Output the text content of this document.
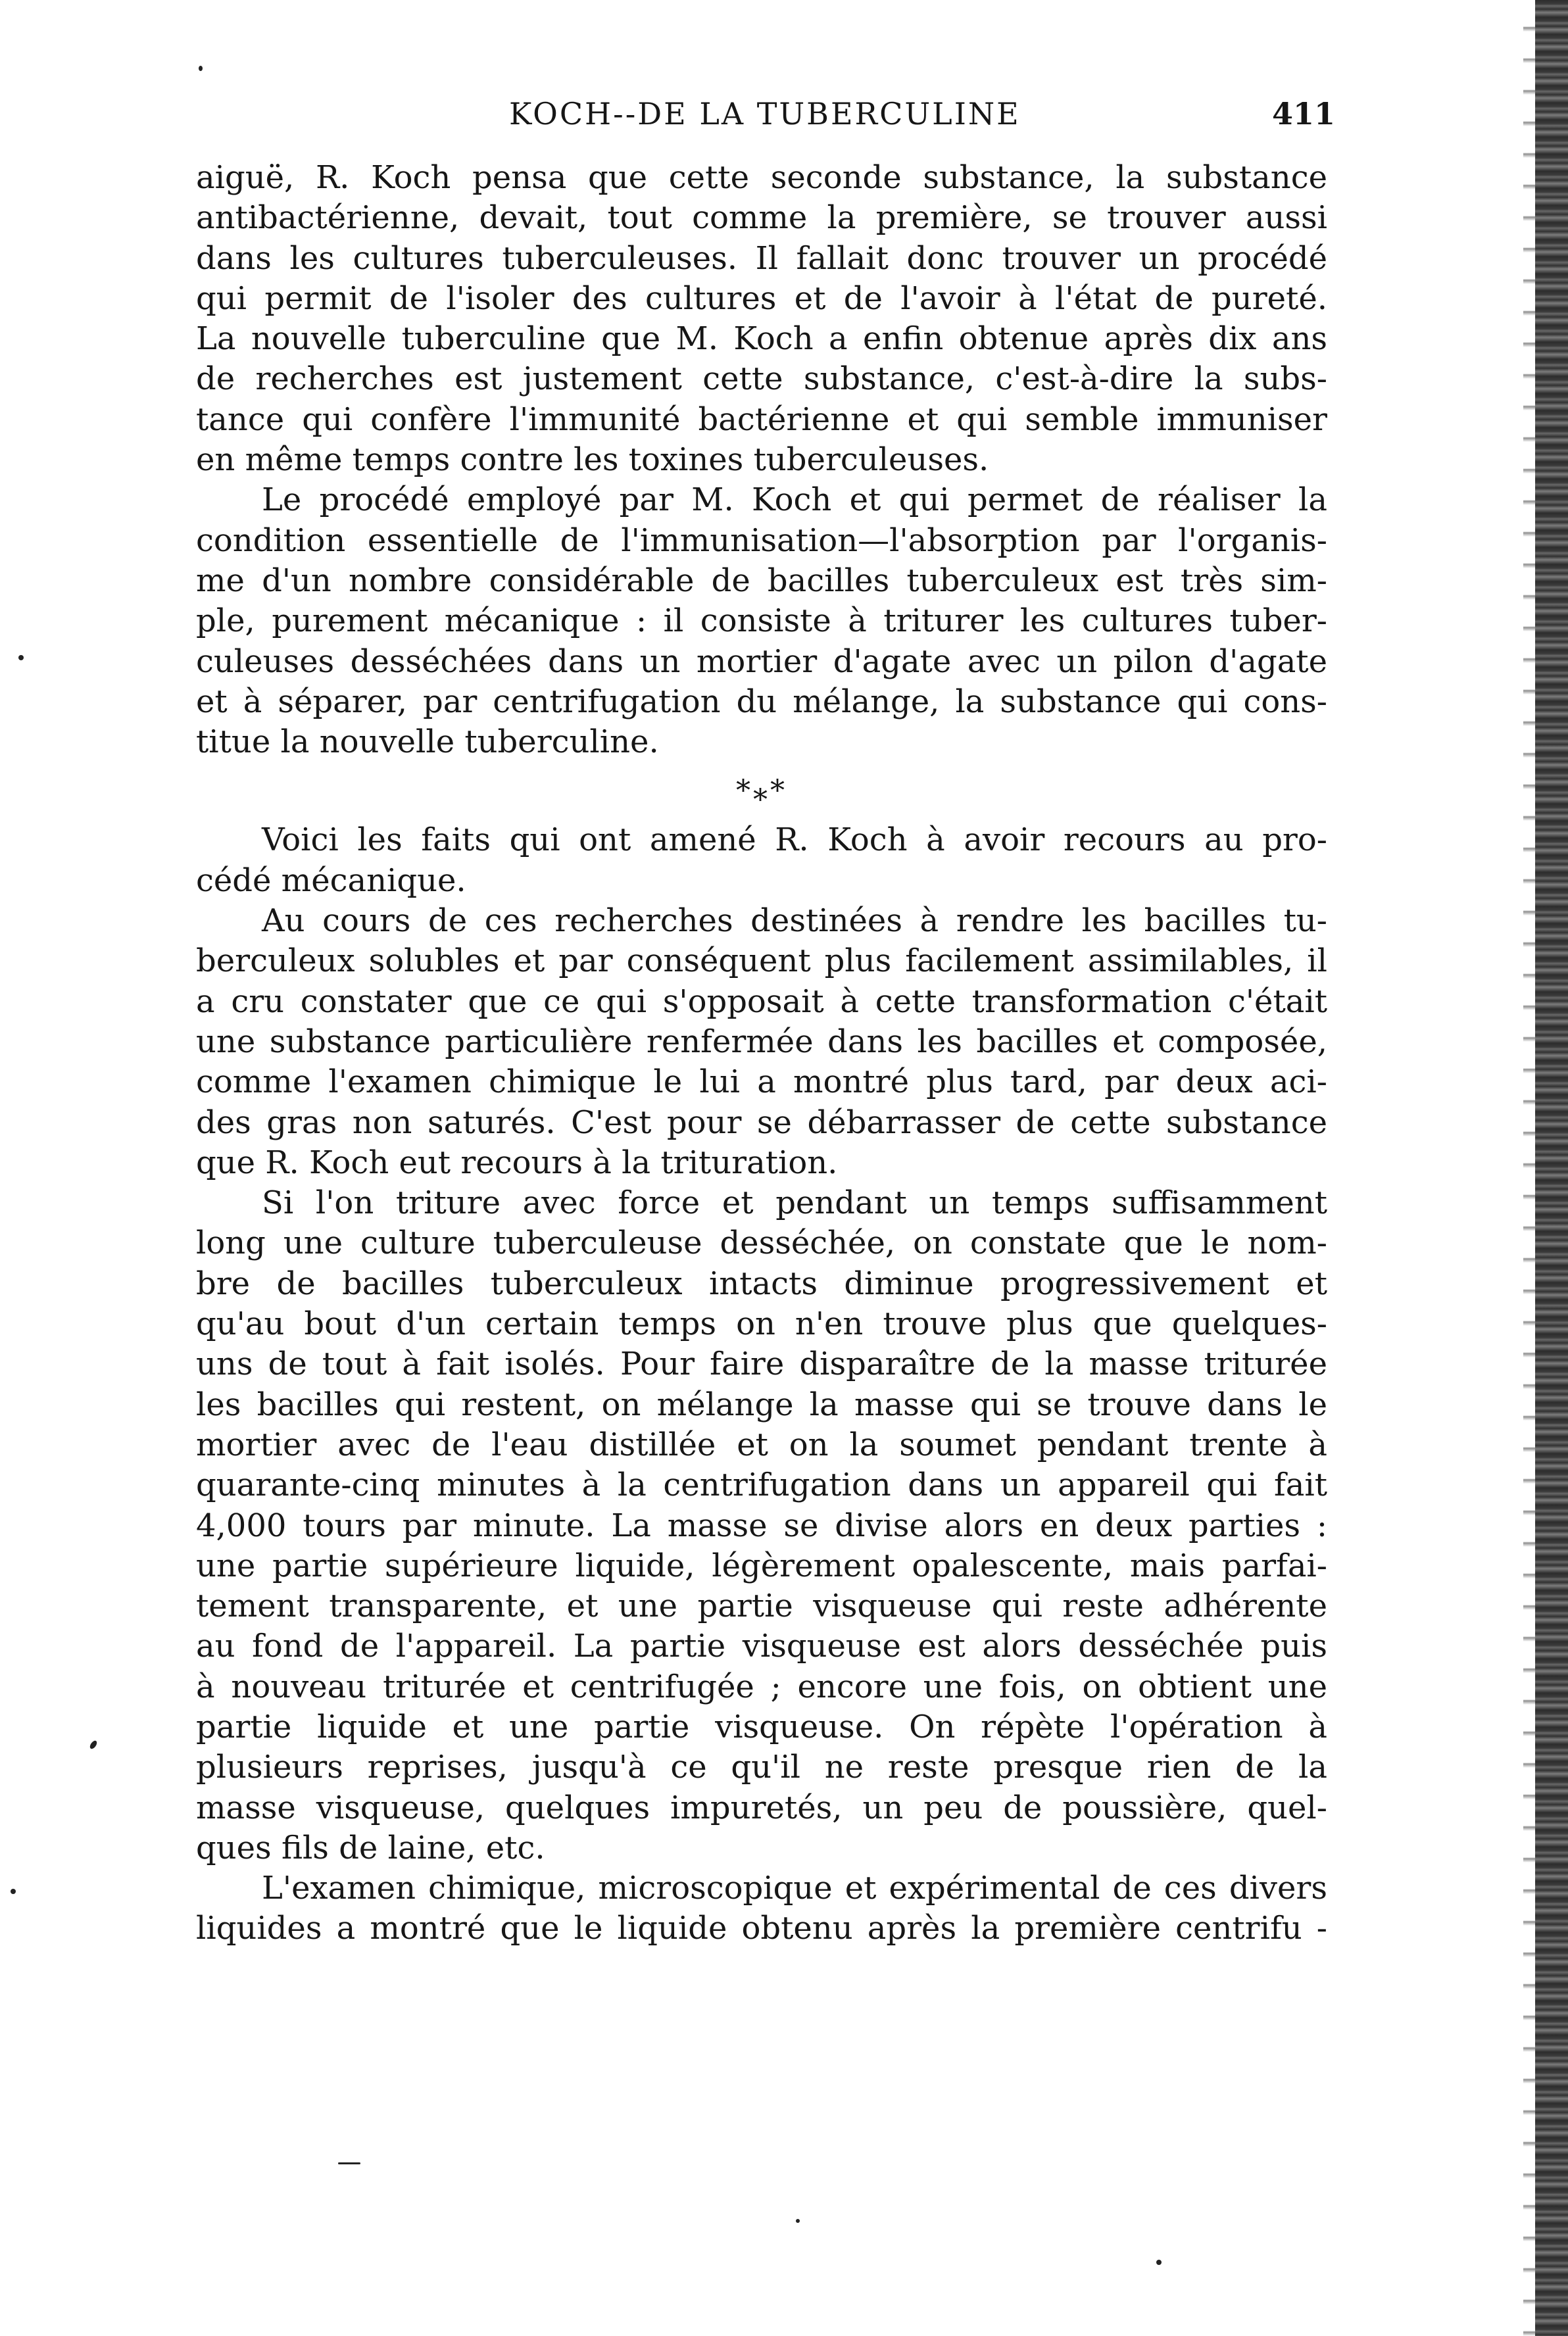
KOCH--DE LA TUBERCULINE	411
aiguë, R. Koch pensa que cette seconde substance, la substance
antibactérienne, devait, tout comme la première, se trouver aussi
dans les cultures tuberculeuses. Il fallait donc trouver un procédé
qui permit de l'isoler des cultures et de l'avoir à l'état de pureté.
La nouvelle tuberculine que M. Koch a enfin obtenue après dix ans
de recherches est justement cette substance, c'est-à-dire la subs-
tance qui confère l'immunité bactérienne et qui semble immuniser
en même temps contre les toxines tuberculeuses.
Le procédé employé par M. Koch et qui permet de réaliser la
condition essentielle de l'immunisation—l'absorption par l'organis-
me d'un nombre considérable de bacilles tuberculeux est très sim-
ple, purement mécanique : il consiste à triturer les cultures tuber-
culeuses desséchées dans un mortier d'agate avec un pilon d'agate
et à séparer, par centrifugation du mélange, la substance qui cons-
titue la nouvelle tuberculine.
*⁎*
Voici les faits qui ont amené R. Koch à avoir recours au pro-
cédé mécanique.
Au cours de ces recherches destinées à rendre les bacilles tu-
berculeux solubles et par conséquent plus facilement assimilables, il
a cru constater que ce qui s'opposait à cette transformation c'était
une substance particulière renfermée dans les bacilles et composée,
comme l'examen chimique le lui a montré plus tard, par deux aci-
des gras non saturés. C'est pour se débarrasser de cette substance
que R. Koch eut recours à la trituration.
Si l'on triture avec force et pendant un temps suffisamment
long une culture tuberculeuse desséchée, on constate que le nom-
bre de bacilles tuberculeux intacts diminue progressivement et
qu'au bout d'un certain temps on n'en trouve plus que quelques-
uns de tout à fait isolés. Pour faire disparaître de la masse triturée
les bacilles qui restent, on mélange la masse qui se trouve dans le
mortier avec de l'eau distillée et on la soumet pendant trente à
quarante-cinq minutes à la centrifugation dans un appareil qui fait
4,000 tours par minute. La masse se divise alors en deux parties :
une partie supérieure liquide, légèrement opalescente, mais parfai-
tement transparente, et une partie visqueuse qui reste adhérente
au fond de l'appareil. La partie visqueuse est alors desséchée puis
à nouveau triturée et centrifugée ; encore une fois, on obtient une
partie liquide et une partie visqueuse. On répète l'opération à
plusieurs reprises, jusqu'à ce qu'il ne reste presque rien de la
masse visqueuse, quelques impuretés, un peu de poussière, quel-
ques fils de laine, etc.
L'examen chimique, microscopique et expérimental de ces divers
liquides a montré que le liquide obtenu après la première centrifu -
